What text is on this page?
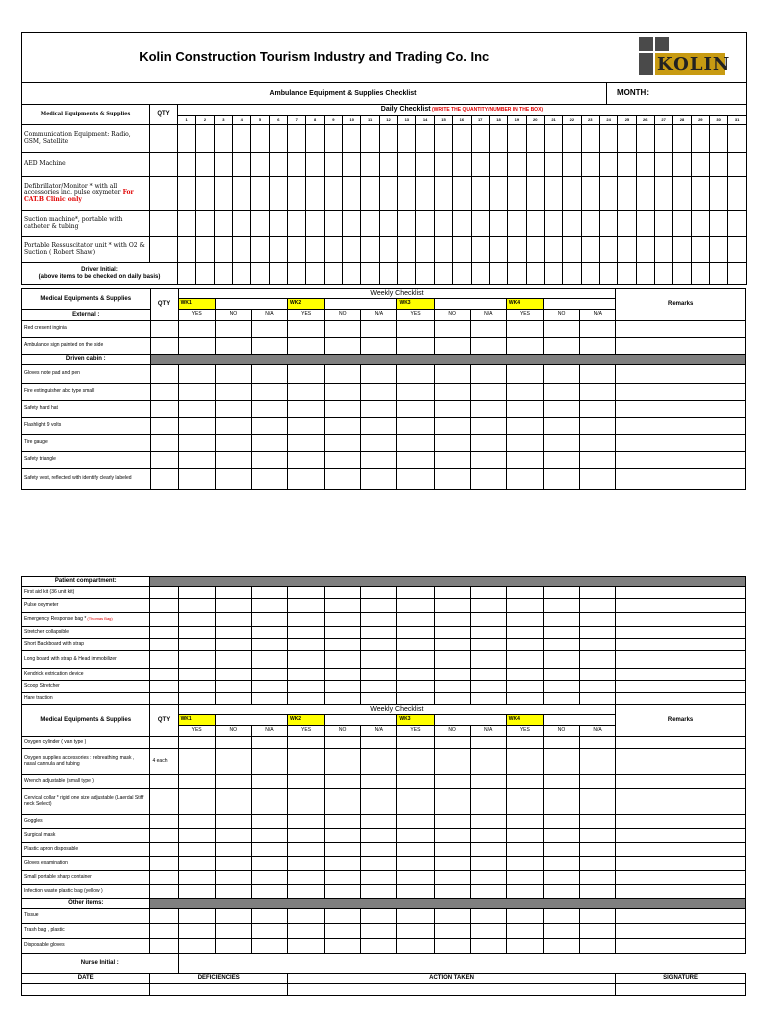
Kolin Construction Tourism Industry and Trading Co. Inc	
Ambulance Equipment & Supplies Checklist	MONTH:
KOLIN
Medical Equipments & Supplies	QTY	Daily Checklist (WRITE THE QUANTITY/NUMBER IN THE BOX)																														
		1	2	3	4	5	6	7	8	9	10	11	12	13	14	15	16	17	18	19	20	21	22	23	24	25	26	27	28	29	30	31
Communication Equipment: Radio, GSM, Satellite																																
AED Machine																																
Defibrillator/Monitor * with all accessories inc. pulse oxymeter For CAT.B Clinic only																																
Suction machine*, portable with catheter & tubing																																
Portable Ressuscitator unit * with O2 & Suction ( Robert Shaw)																																

Driver Initial:
(above items to be checked on daily basis)																																

Medical Equipments & Supplies	QTY	Weekly Checklist												Remarks
		WK1			WK2			WK3			WK4			
External :		YES	NO	N/A	YES	NO	N/A	YES	NO	N/A	YES	NO	N/A	

Red cresent inginia														
Ambulance sign painted on the side														
Driven cabin :														
Gloves note pad and pen														
Fire extinguisher abc type small														
Safety hard hat														
Flashlight 9 volts														
Tire gauge														
Safety triangle														
Safety vest, reflected with identify clearly labeled														
Patient compartment:														
First aid kit (36 unit kit)														
Pulse oxymeter														
Emergency Response bag * (Thomas Bag)														
Stretcher collapsible														
Short Backboard with strap														
Long board with strap & Head immobilizer														
Kendrick extrication device														
Scoop Stretcher														
Hare traction														
Medical Equipments & Supplies	QTY	Weekly Checklist												Remarks
		WK1			WK2			WK3			WK4			
		YES	NO	N/A	YES	NO	N/A	YES	NO	N/A	YES	NO	N/A	
Oxygen cylinder ( van type )														
Oxygen supplies accessories : rebreathing mask , nasal cannula and tubing	4 each													
Wrench adjustable (small type )														
Cervical collar * rigid one size adjustable (Laerdal Stiff neck Select)														
Goggles														
Surgical mask														
Plastic apron disposable														
Gloves examination														
Small portable sharp container														
Infection waste plastic bag (yellow )														
Other items:														
Tissue														
Trash bag , plastic														
Disposable gloves														
Nurse Initial :														
DATE	DEFICIENCIES				ACTION TAKEN									SIGNATURE
